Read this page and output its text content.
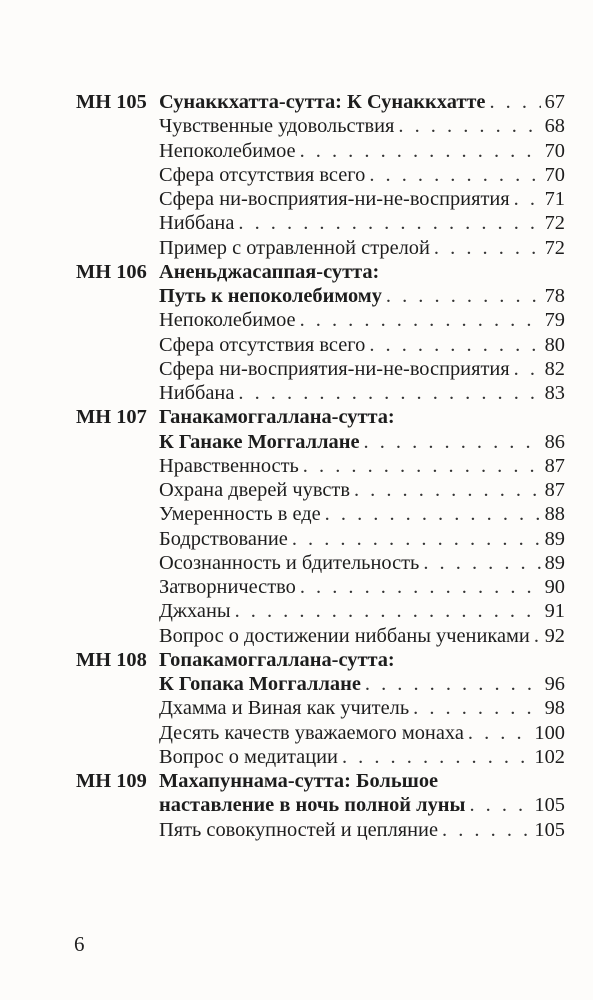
МН 105 Сунаккхатта-сутта: К Сунаккхатте . . .	67
Чувственные удовольствия . . .	68
Непоколебимое . . .	70
Сфера отсутствия всего . . .	70
Сфера ни-восприятия-ни-не-восприятия . . . 71
Ниббана . . .	72
Пример с отравленной стрелой . . .	72
МН 106 Аненьджасаппая-сутта:
Путь к непоколебимому . . .	78
Непоколебимое . . .	79
Сфера отсутствия всего . . .	80
Сфера ни-восприятия-ни-не-восприятия . . . 82
Ниббана . . .	83
МН 107 Ганакамоггаллана-сутта:
К Ганаке Моггаллане . . .	86
Нравственность . . .	87
Охрана дверей чувств . . .	87
Умеренность в еде . . .	88
Бодрствование . . .	89
Осознанность и бдительность . . .	89
Затворничество . . .	90
Джханы . . .	91
Вопрос о достижении ниббаны учениками . . . 92
МН 108 Гопакамоггаллана-сутта:
К Гопака Моггаллане . . .	96
Дхамма и Виная как учитель . . .	98
Десять качеств уважаемого монаха . . .	100
Вопрос о медитации . . .	102
МН 109 Махапуннама-сутта: Большое
наставление в ночь полной луны . . .	105
Пять совокупностей и цепляние . . .	105
6
